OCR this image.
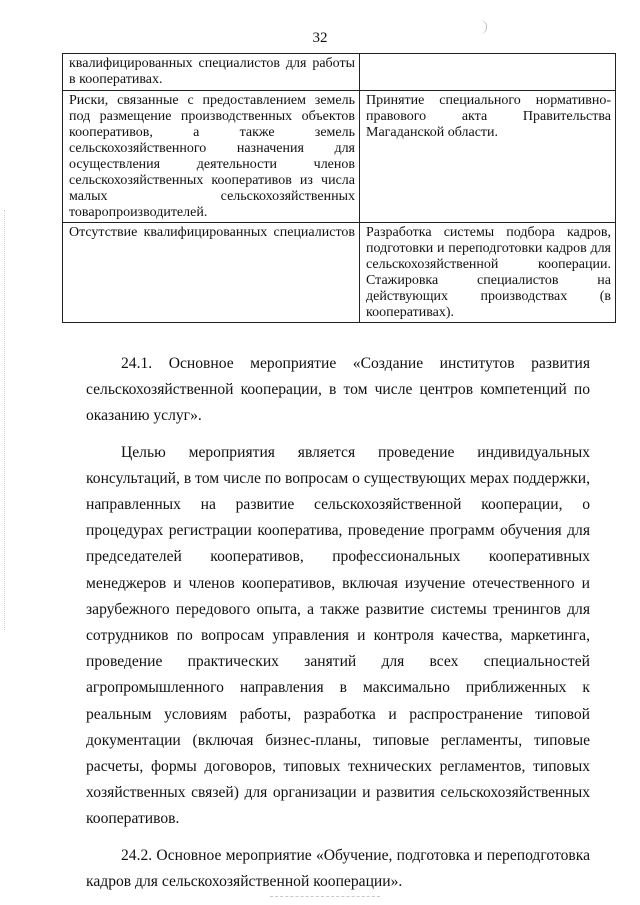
32
квалифицированных специалистов для работы в кооперативах.	
Риски, связанные с предоставлением земель под размещение производственных объектов кооперативов, а также земель сельскохозяйственного назначения для осуществления деятельности членов сельскохозяйственных кооперативов из числа малых сельскохозяйственных товаропроизводителей.	Принятие специального нормативно-правового акта Правительства Магаданской области.
Отсутствие квалифицированных специалистов	Разработка системы подбора кадров, подготовки и переподготовки кадров для сельскохозяйственной кооперации. Стажировка специалистов на действующих производствах (в кооперативах).

24.1. Основное мероприятие «Создание институтов развития сельскохозяйственной кооперации, в том числе центров компетенций по оказанию услуг».

Целью мероприятия является проведение индивидуальных консультаций, в том числе по вопросам о существующих мерах поддержки, направленных на развитие сельскохозяйственной кооперации, о процедурах регистрации кооператива, проведение программ обучения для председателей кооперативов, профессиональных кооперативных менеджеров и членов кооперативов, включая изучение отечественного и зарубежного передового опыта, а также развитие системы тренингов для сотрудников по вопросам управления и контроля качества, маркетинга, проведение практических занятий для всех специальностей агропромышленного направления в максимально приближенных к реальным условиям работы, разработка и распространение типовой документации (включая бизнес-планы, типовые регламенты, типовые расчеты, формы договоров, типовых технических регламентов, типовых хозяйственных связей) для организации и развития сельскохозяйственных кооперативов.

24.2. Основное мероприятие «Обучение, подготовка и переподготовка кадров для сельскохозяйственной кооперации».
